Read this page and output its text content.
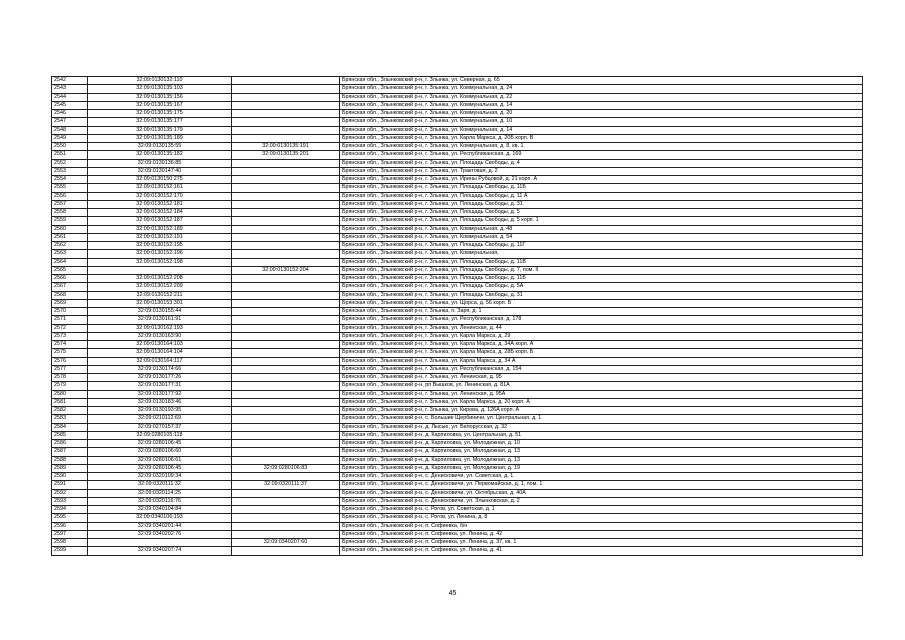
2542	32:09:0130132:110		Брянская обл., Злынковский р-н, г. Злынка, ул. Северная, д. 65
2543	32:09:0130135:103		Брянская обл., Злынковский р-н, г. Злынка, ул. Коммунальная, д. 24
2544	32:09:0130135:156		Брянская обл., Злынковский р-н, г. Злынка, ул. Коммунальная, д. 22
2545	32:09:0130135:167		Брянская обл., Злынковский р-н, г. Злынка, ул. Коммунальная, д. 14
2546	32:09:0130135:175		Брянская обл., Злынковский р-н, г. Злынка, ул. Коммунальная, д. 20
2547	32:09:0130135:177		Брянская обл., Злынковский р-н, г. Злынка, ул. Коммунальная, д. 10
2548	32:09:0130135:179		Брянская обл., Злынковский р-н, г. Злынка, ул. Коммунальная, д. 14
2549	32:09:0130135:189		Брянская обл., Злынковский р-н, г. Злынка, ул. Карла Маркса, д. 20Б корп. В
2550	32:09:0130135:55	32:09:0130135:191	Брянская обл., Злынковский р-н, г. Злынка, ул. Коммунальная, д. 8, кв. 1
2551	32:09:0130135:182	32:09:0130135:201	Брянская обл., Злынковский р-н, г. Злынка, ул. Республиканская, д. 169
2552	32:09:0130136:85		Брянская обл., Злынковский р-н, г. Злынка, ул. Площадь Свободы, д. 4
2553	32:09:0130147:40		Брянская обл., Злынковский р-н, г. Злынка, ул. Трактовая, д. 2
2554	32:09:0130150:275		Брянская обл., Злынковский р-н, г. Злынка, ул. Ирины Рубцовой, д. 21 корп. А
2555	32:09:0130152:161		Брянская обл., Злынковский р-н, г. Злынка, ул. Площадь Свободы, д. 11Б
2556	32:09:0130152:170		Брянская обл., Злынковский р-н, г. Злынка, ул. Площадь Свободы, д. 11 А
2557	32:09:0130152:181		Брянская обл., Злынковский р-н, г. Злынка, ул. Площадь Свободы, д. 31
2558	32:09:0130152:184		Брянская обл., Злынковский р-н, г. Злынка, ул. Площадь Свободы, д. 5
2559	32:09:0130152:187		Брянская обл., Злынковский р-н, г. Злынка, ул. Площадь Свободы, д. 5 корп. 1
2560	32:09:0130152:189		Брянская обл., Злынковский р-н, г. Злынка, ул. Коммунальная, д. 48
2561	32:09:0130152:191		Брянская обл., Злынковский р-н, г. Злынка, ул. Коммунальная, д. 54
2562	32:09:0130152:195		Брянская обл., Злынковский р-н, г. Злынка, ул. Площадь Свободы, д. 11Г
2563	32:09:0130152:196		Брянская обл., Злынковский р-н, г. Злынка, ул. Коммунальная,
2564	32:09:0130152:198		Брянская обл., Злынковский р-н, г. Злынка, ул. Площадь Свободы, д. 11В
2565		32:09:0130152:204	Брянская обл., Злынковский р-н, г. Злынка, ул. Площадь Свободы, д. 7, пом. II
2566	32:09:0130152:208		Брянская обл., Злынковский р-н, г. Злынка, ул. Площадь Свободы, д. 11Б
2567	32:09:0130152:209		Брянская обл., Злынковский р-н, г. Злынка, ул. Площадь Свободы, д. 5А
2568	32:09:0130152:211		Брянская обл., Злынковский р-н, г. Злынка, ул. Площадь Свободы, д. 31
2569	32:09:0130153:301		Брянская обл., Злынковский р-н, г. Злынка, ул. Щорса, д. 56 корп. Б
2570	32:09:0130155:44		Брянская обл., Злынковский р-н, г. Злынка, п. Заря, д. 1
2571	32:09:0130161:91		Брянская обл., Злынковский р-н, г. Злынка, ул. Республиканская, д. 178
2572	32:09:0130162:193		Брянская обл., Злынковский р-н, г. Злынка, ул. Ленинская, д. 44
2573	32:09:0130163:90		Брянская обл., Злынковский р-н, г. Злынка, ул. Карла Маркса, д. 29
2574	32:09:0130164:103		Брянская обл., Злынковский р-н, г. Злынка, ул. Карла Маркса, д. 34А корп. А
2575	32:09:0130164:104		Брянская обл., Злынковский р-н, г. Злынка, ул. Карла Маркса, д. 28Б корп. Б
2576	32:09:0130164:117		Брянская обл., Злынковский р-н, г. Злынка, ул. Карла Маркса, д. 34 А
2577	32:09:0130174:66		Брянская обл., Злынковский р-н, г. Злынка, ул. Республиканская, д. 154
2578	32:09:0130177:26		Брянская обл., Злынковский р-н, г. Злынка, ул. Ленинская, д. 95
2579	32:09:0130177:31		Брянская обл., Злынковский р-н, рп Вышков, ул. Ленинская, д. 81А
2580	32:09:0130177:92		Брянская обл., Злынковский р-н, г. Злынка, ул. Ленинская, д. 95А
2581	32:09:0130183:46		Брянская обл., Злынковский р-н, г. Злынка, ул. Карла Маркса, д. 20 корп. А
2582	32:09:0130193:95		Брянская обл., Злынковский р-н, г. Злынка, ул. Кирова, д. 126А корп. А
2583	32:09:0210112:69		Брянская обл., Злынковский р-н, с. Большие Щербиничи, ул. Центральная, д. 1
2584	32:09:0270157:37		Брянская обл., Злынковский р-н, д. Лысые, ул. Белорусская, д. 32
2585	32:09:0280105:118		Брянская обл., Злынковский р-н, д. Карпиловка, ул. Центральная, д. 51
2586	32:09:0280106:45		Брянская обл., Злынковский р-н, д. Карпиловка, ул. Молодежная, д. 10
2587	32:09:0280106:60		Брянская обл., Злынковский р-н, д. Карпиловка, ул. Молодежная, д. 13
2588	32:09:0280106:61		Брянская обл., Злынковский р-н, д. Карпиловка, ул. Молодежная, д. 13
2589	32:09:0280106:45	32:09:0280106:83	Брянская обл., Злынковский р-н, д. Карпиловка, ул. Молодежная, д. 19
2590	32:09:0320109:34		Брянская обл., Злынковский р-н, с. Денисковичи, ул. Советская, д. 1
2591	32:09:0320111:32	32:09:0320111:37	Брянская обл., Злынковский р-н, с. Денисковичи, ул. Первомайская, д. 1, пом. 1
2592	32:09:0320114:25		Брянская обл., Злынковский р-н, с. Денисковичи, ул. Октябрьская, д. 40А
2593	32:09:0320116:76		Брянская обл., Злынковский р-н, с. Денисковичи, ул. Злынковская, д. 2
2594	32:09:0340104:84		Брянская обл., Злынковский р-н, с. Рогов, ул. Советская, д. 1
2595	32:09:0340106:193		Брянская обл., Злынковский р-н, с. Рогов, ул. Ленина, д. 8
2596	32:09:0340201:44		Брянская обл., Злынковский р-н, п. Софиевка, б/н
2597	32:09:0340202:76		Брянская обл., Злынковский р-н, п. Софиевка, ул. Ленина, д. 42
2598		32:09:0340207:60	Брянская обл., Злынковский р-н, п. Софиевка, ул. Ленина, д. 37, кв. 1
2599	32:09:0340207:74		Брянская обл., Злынковский р-н, п. Софиевка, ул. Ленина, д. 41
45
